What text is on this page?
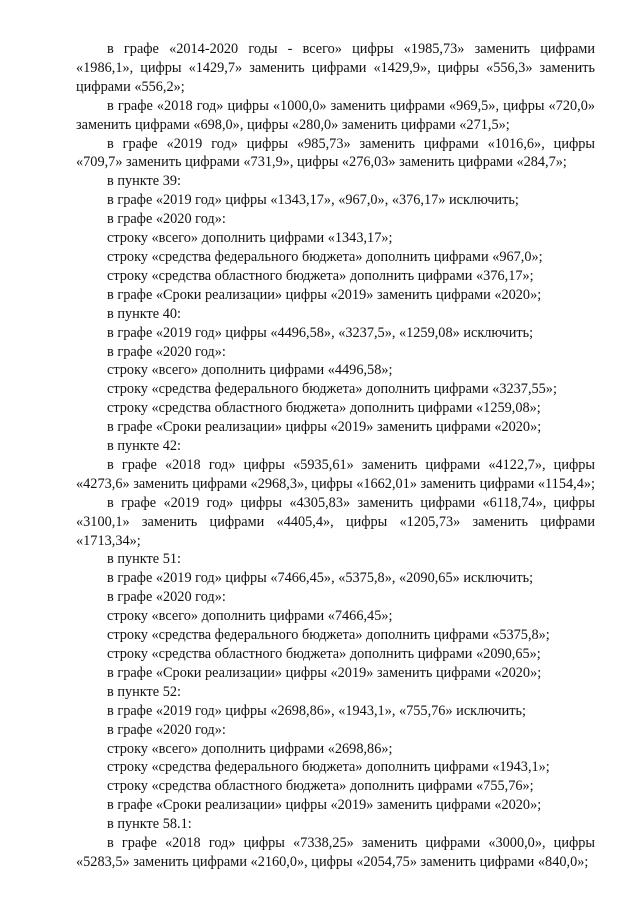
в графе «2014-2020 годы - всего» цифры «1985,73» заменить цифрами «1986,1», цифры «1429,7» заменить цифрами «1429,9», цифры «556,3» заменить цифрами «556,2»;

в графе «2018 год» цифры «1000,0» заменить цифрами «969,5», цифры «720,0» заменить цифрами «698,0», цифры «280,0» заменить цифрами «271,5»;

в графе «2019 год» цифры «985,73» заменить цифрами «1016,6», цифры «709,7» заменить цифрами «731,9», цифры «276,03» заменить цифрами «284,7»;

в пункте 39:

в графе «2019 год» цифры «1343,17», «967,0», «376,17» исключить;

в графе «2020 год»:

строку «всего» дополнить цифрами «1343,17»;

строку «средства федерального бюджета» дополнить цифрами «967,0»;

строку «средства областного бюджета» дополнить цифрами «376,17»;

в графе «Сроки реализации» цифры «2019» заменить цифрами «2020»;

в пункте 40:

в графе «2019 год» цифры «4496,58», «3237,5», «1259,08» исключить;

в графе «2020 год»:

строку «всего» дополнить цифрами «4496,58»;

строку «средства федерального бюджета» дополнить цифрами «3237,55»;

строку «средства областного бюджета» дополнить цифрами «1259,08»;

в графе «Сроки реализации» цифры «2019» заменить цифрами «2020»;

в пункте 42:

в графе «2018 год» цифры «5935,61» заменить цифрами «4122,7», цифры «4273,6» заменить цифрами «2968,3», цифры «1662,01» заменить цифрами «1154,4»;

в графе «2019 год» цифры «4305,83» заменить цифрами «6118,74», цифры «3100,1» заменить цифрами «4405,4», цифры «1205,73» заменить цифрами «1713,34»;

в пункте 51:

в графе «2019 год» цифры «7466,45», «5375,8», «2090,65» исключить;

в графе «2020 год»:

строку «всего» дополнить цифрами «7466,45»;

строку «средства федерального бюджета» дополнить цифрами «5375,8»;

строку «средства областного бюджета» дополнить цифрами «2090,65»;

в графе «Сроки реализации» цифры «2019» заменить цифрами «2020»;

в пункте 52:

в графе «2019 год» цифры «2698,86», «1943,1», «755,76» исключить;

в графе «2020 год»:

строку «всего» дополнить цифрами «2698,86»;

строку «средства федерального бюджета» дополнить цифрами «1943,1»;

строку «средства областного бюджета» дополнить цифрами «755,76»;

в графе «Сроки реализации» цифры «2019» заменить цифрами «2020»;

в пункте 58.1:

в графе «2018 год» цифры «7338,25» заменить цифрами «3000,0», цифры «5283,5» заменить цифрами «2160,0», цифры «2054,75» заменить цифрами «840,0»;
